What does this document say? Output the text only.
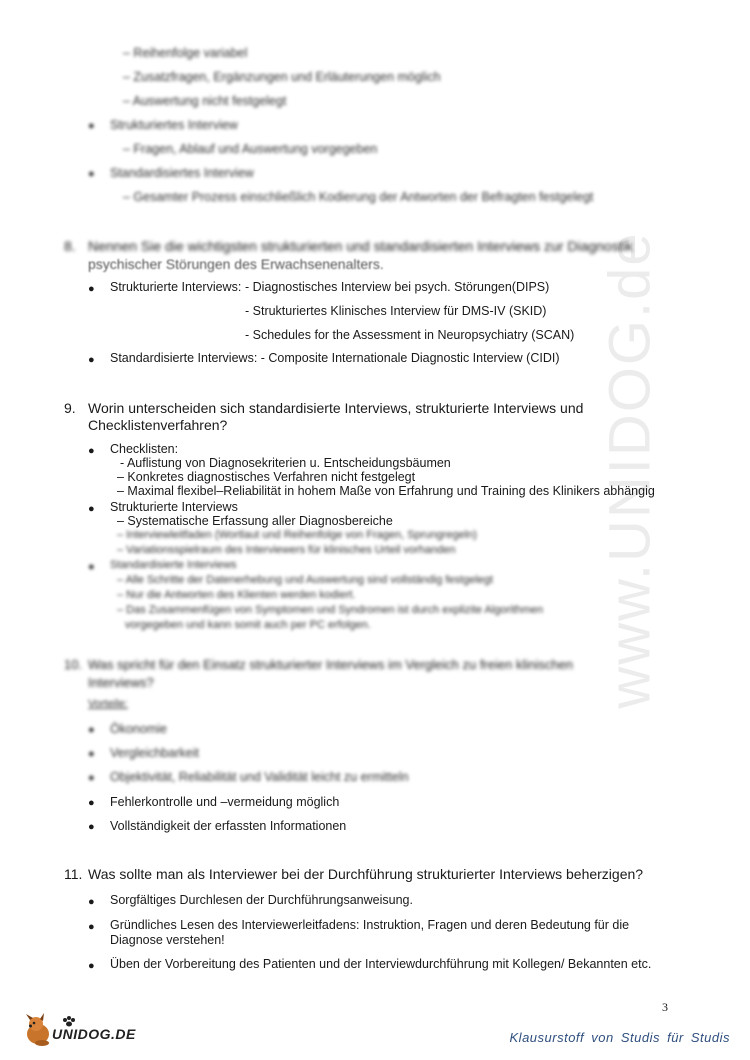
www.UNIDOG.de
– Reihenfolge variabel
– Zusatzfragen, Ergänzungen und Erläuterungen möglich
– Auswertung nicht festgelegt
● Strukturiertes Interview
– Fragen, Ablauf und Auswertung vorgegeben
● Standardisiertes Interview
– Gesamter Prozess einschließlich Kodierung der Antworten der Befragten festgelegt
8. Nennen Sie die wichtigsten strukturierten und standardisierten Interviews zur Diagnostik
psychischer Störungen des Erwachsenenalters.
● Strukturierte Interviews: - Diagnostisches Interview bei psych. Störungen(DIPS)
- Strukturiertes Klinisches Interview für DMS-IV (SKID)
- Schedules for the Assessment in Neuropsychiatry (SCAN)
● Standardisierte Interviews: - Composite Internationale Diagnostic Interview (CIDI)
9. Worin unterscheiden sich standardisierte Interviews, strukturierte Interviews und
Checklistenverfahren?
● Checklisten:
- Auflistung von Diagnosekriterien u. Entscheidungsbäumen
– Konkretes diagnostisches Verfahren nicht festgelegt
– Maximal flexibel–Reliabilität in hohem Maße von Erfahrung und Training des Klinikers abhängig
● Strukturierte Interviews
– Systematische Erfassung aller Diagnosbereiche
– Interviewleitfaden (Wortlaut und Reihenfolge von Fragen, Sprungregeln)
– Variationsspielraum des Interviewers für klinisches Urteil vorhanden
● Standardisierte Interviews
– Alle Schritte der Datenerhebung und Auswertung sind vollständig festgelegt
– Nur die Antworten des Klienten werden kodiert.
– Das Zusammenfügen von Symptomen und Syndromen ist durch explizite Algorithmen
vorgegeben und kann somit auch per PC erfolgen.
10. Was spricht für den Einsatz strukturierter Interviews im Vergleich zu freien klinischen
Interviews?
Vorteile:
● Ökonomie
● Vergleichbarkeit
● Objektivität, Reliabilität und Validität leicht zu ermitteln
● Fehlerkontrolle und –vermeidung möglich
● Vollständigkeit der erfassten Informationen
11. Was sollte man als Interviewer bei der Durchführung strukturierter Interviews beherzigen?
● Sorgfältiges Durchlesen der Durchführungsanweisung.
● Gründliches Lesen des Interviewerleitfadens: Instruktion, Fragen und deren Bedeutung für die
Diagnose verstehen!
● Üben der Vorbereitung des Patienten und der Interviewdurchführung mit Kollegen/ Bekannten etc.
3
UNIDOG.DE	Klausurstoff von Studis für Studis
